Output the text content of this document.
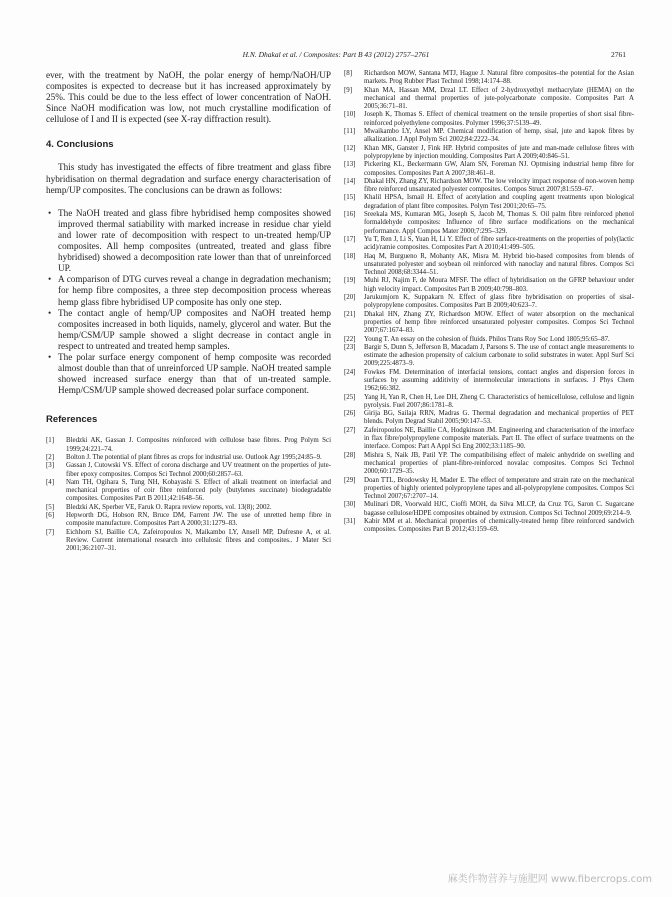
H.N. Dhakal et al. / Composites: Part B 43 (2012) 2757–2761	2761

ever, with the treatment by NaOH, the polar energy of hemp/NaOH/UP composites is expected to decrease but it has increased approximately by 25%. This could be due to the less effect of lower concentration of NaOH. Since NaOH modification was low, not much crystalline modification of cellulose of I and II is expected (see X-ray diffraction result).

4. Conclusions

This study has investigated the effects of fibre treatment and glass fibre hybridisation on thermal degradation and surface energy characterisation of hemp/UP composites. The conclusions can be drawn as follows:

• The NaOH treated and glass fibre hybridised hemp composites showed improved thermal satiability with marked increase in residue char yield and lower rate of decomposition with respect to un-treated hemp/UP composites. All hemp composites (untreated, treated and glass fibre hybridised) showed a decomposition rate lower than that of unreinforced UP.
• A comparison of DTG curves reveal a change in degradation mechanism; for hemp fibre composites, a three step decomposition process whereas hemp glass fibre hybridised UP composite has only one step.
• The contact angle of hemp/UP composites and NaOH treated hemp composites increased in both liquids, namely, glycerol and water. But the hemp/CSM/UP sample showed a slight decrease in contact angle in respect to untreated and treated hemp samples.
• The polar surface energy component of hemp composite was recorded almost double than that of unreinforced UP sample. NaOH treated sample showed increased surface energy than that of un-treated sample. Hemp/CSM/UP sample showed decreased polar surface component.
References
[1] Bledzki AK, Gassan J. Composites reinforced with cellulose base fibres. Prog Polym Sci 1999;24:221–74.
[2] Bolton J. The potential of plant fibres as crops for industrial use. Outlook Agr 1995;24:85–9.
[3] Gassan J, Cutowski VS. Effect of corona discharge and UV treatment on the properties of jute-fiber epoxy composites. Compos Sci Technol 2000;60:2857–63.
[4] Nam TH, Ogihara S, Tung NH, Kobayashi S. Effect of alkali treatment on interfacial and mechanical properties of coir fibre reinforced poly (butylenes succinate) biodegradable composites. Composites Part B 2011;42:1648–56.
[5] Bledzki AK, Sperber VE, Faruk O. Rapra review reports, vol. 13(8); 2002.
[6] Hepworth DG, Hobson RN, Bruce DM, Farrent JW. The use of unretted hemp fibre in composite manufacture. Composites Part A 2000;31:1279–83.
[7] Eichhorn SJ, Baillie CA, Zafeiropoulos N, Maikambo LY, Ansell MP, Dufresne A, et al. Review. Current international research into cellulosic fibres and composites.. J Mater Sci 2001;36:2107–31.
[8] Richardson MOW, Santana MTJ, Hague J. Natural fibre composites–the potential for the Asian markets. Prog Rubber Plast Technol 1998;14:174–88.
[9] Khan MA, Hassan MM, Drzal LT. Effect of 2-hydroxyethyl methacrylate (HEMA) on the mechanical and thermal properties of jute-polycarbonate composite. Composites Part A 2005;36:71–81.
[10] Joseph K, Thomas S. Effect of chemical treatment on the tensile properties of short sisal fibre-reinforced polyethylene composites. Polymer 1996;37:5139–49.
[11] Mwaikambo LY, Ansel MP. Chemical modification of hemp, sisal, jute and kapok fibres by alkalization. J Appl Polym Sci 2002;84:2222–34.
[12] Khan MK, Ganster J, Fink HP. Hybrid composites of jute and man-made cellulose fibres with polypropylene by injection moulding. Composites Part A 2009;40:846–51.
[13] Pickering KL, Beckermann GW, Alam SN, Foreman NJ. Optmising industrial hemp fibre for composites. Composites Part A 2007;38:461–8.
[14] Dhakal HN, Zhang ZY, Richardson MOW. The low velocity impact response of non-woven hemp fibre reinforced unsaturated polyester composites. Compos Struct 2007;81:559–67.
[15] Khalil HPSA, Ismail H. Effect of acetylation and coupling agent treatments upon biological degradation of plant fibre composites. Polym Test 2001;20:65–75.
[16] Sreekala MS, Kumaran MG, Joseph S, Jacob M, Thomas S. Oil palm fibre reinforced phenol formaldehyde composites: Influence of fibre surface modifications on the mechanical performance. Appl Compos Mater 2000;7:295–329.
[17] Yu T, Ren J, Li S, Yuan H, Li Y. Effect of fibre surface-treatments on the properties of poly(lactic acid)/ramie composites. Composites Part A 2010;41:499–505.
[18] Haq M, Burgueno R, Mohanty AK, Misra M. Hybrid bio-based composites from blends of unsaturated polyester and soybean oil reinforced with nanoclay and natural fibres. Compos Sci Technol 2008;68:3344–51.
[19] Muhi RJ, Najim F, de Moura MFSF. The effect of hybridisation on the GFRP behaviour under high velocity impact. Composites Part B 2009;40:798–803.
[20] Jarukumjorn K, Suppakarn N. Effect of glass fibre hybridisation on properties of sisal-polypropylene composites. Composites Part B 2009;40:623–7.
[21] Dhakal HN, Zhang ZY, Richardson MOW. Effect of water absorption on the mechanical properties of hemp fibre reinforced unsaturated polyester composites. Compos Sci Technol 2007;67:1674–83.
[22] Young T. An essay on the cohesion of fluids. Philos Trans Roy Soc Lond 1805;95:65–87.
[23] Bargir S, Dunn S, Jefferson B, Macadam J, Parsons S. The use of contact angle measurements to estimate the adhesion propensity of calcium carbonate to solid substrates in water. Appl Surf Sci 2009;225:4873–9.
[24] Fowkes FM. Determination of interfacial tensions, contact angles and dispersion forces in surfaces by assuming additivity of intermolecular interactions in surfaces. J Phys Chem 1962;66:382.
[25] Yang H, Yan R, Chen H, Lee DH, Zheng C. Characteristics of hemicellulose, cellulose and lignin pyrolysis. Fuel 2007;86:1781–8.
[26] Girija BG, Sailaja RRN, Madras G. Thermal degradation and mechanical properties of PET blends. Polym Degrad Stabil 2005;90:147–53.
[27] Zafeiropoulos NE, Baillie CA, Hodgkinson JM. Engineering and characterisation of the interface in flax fibre/polypropylene composite materials. Part II. The effect of surface treatments on the interface. Compos: Part A Appl Sci Eng 2002;33:1185–90.
[28] Mishra S, Naik JB, Patil YP. The compatibilising effect of maleic anhydride on swelling and mechanical properties of plant-fibre-reinforced novalac composites. Compos Sci Technol 2000;60:1729–35.
[29] Doan TTL, Brodowsky H, Mader E. The effect of temperature and strain rate on the mechanical properties of highly oriented polypropylene tapes and all-polypropylene composites. Compos Sci Technol 2007;67:2707–14.
[30] Mulinari DR, Voorwald HJC, Cioffi MOH, da Silva MLCP, da Cruz TG, Saron C. Sugarcane bagasse cellulose/HDPE composites obtained by extrusion. Compos Sci Technol 2009;69:214–9.
[31] Kabir MM et al. Mechanical properties of chemically-treated hemp fibre reinforced sandwich composites. Composites Part B 2012;43:159–69.
麻类作物营养与施肥网 www.fibercrops.com
